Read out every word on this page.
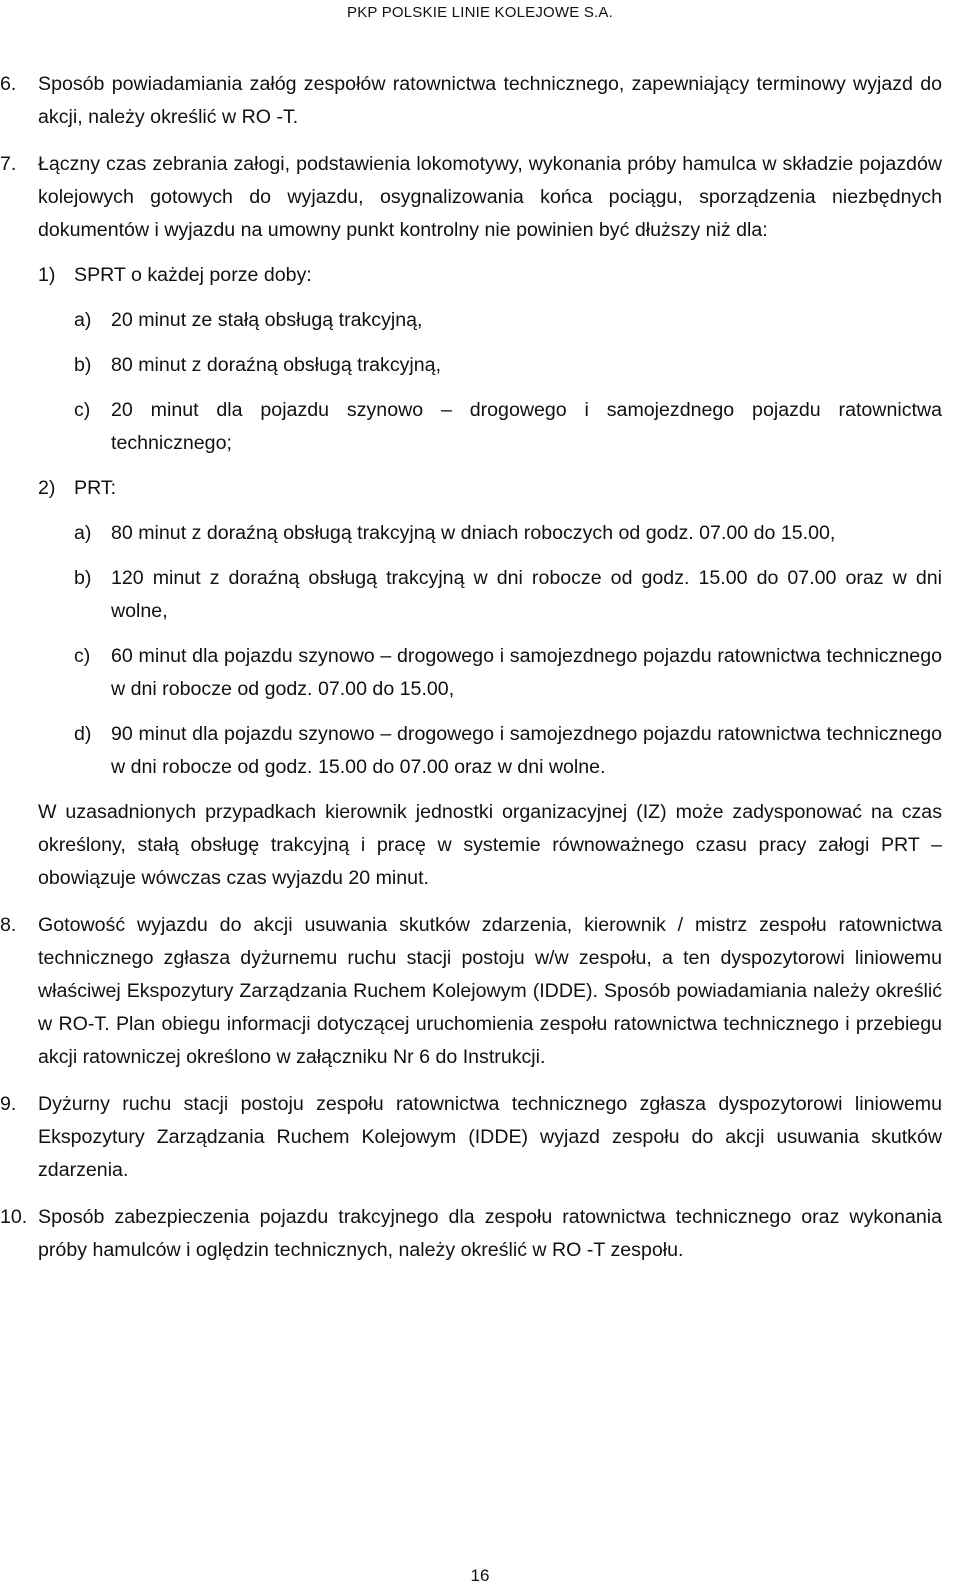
PKP POLSKIE LINIE KOLEJOWE S.A.
6. Sposób powiadamiania załóg zespołów ratownictwa technicznego, zapewniający terminowy wyjazd do akcji, należy określić w RO -T.
7. Łączny czas zebrania załogi, podstawienia lokomotywy, wykonania próby hamulca w składzie pojazdów kolejowych gotowych do wyjazdu, osygnalizowania końca pociągu, sporządzenia niezbędnych dokumentów i wyjazdu na umowny punkt kontrolny nie powinien być dłuższy niż dla:
1) SPRT o każdej porze doby:
a) 20 minut ze stałą obsługą trakcyjną,
b) 80 minut z doraźną obsługą trakcyjną,
c) 20 minut dla pojazdu szynowo – drogowego i samojezdnego pojazdu ratownictwa technicznego;
2) PRT:
a) 80 minut z doraźną obsługą trakcyjną w dniach roboczych od godz. 07.00 do 15.00,
b) 120 minut z doraźną obsługą trakcyjną w dni robocze od godz. 15.00 do 07.00 oraz w dni wolne,
c) 60 minut dla pojazdu szynowo – drogowego i samojezdnego pojazdu ratownictwa technicznego w dni robocze od godz. 07.00 do 15.00,
d) 90 minut dla pojazdu szynowo – drogowego i samojezdnego pojazdu ratownictwa technicznego w dni robocze od godz. 15.00 do 07.00 oraz w dni wolne.
W uzasadnionych przypadkach kierownik jednostki organizacyjnej (IZ) może zadysponować na czas określony, stałą obsługę trakcyjną i pracę w systemie równoważnego czasu pracy załogi PRT – obowiązuje wówczas czas wyjazdu 20 minut.
8. Gotowość wyjazdu do akcji usuwania skutków zdarzenia, kierownik / mistrz zespołu ratownictwa technicznego zgłasza dyżurnemu ruchu stacji postoju w/w zespołu, a ten dyspozytorowi liniowemu właściwej Ekspozytury Zarządzania Ruchem Kolejowym (IDDE). Sposób powiadamiania należy określić w RO-T. Plan obiegu informacji dotyczącej uruchomienia zespołu ratownictwa technicznego i przebiegu akcji ratowniczej określono w załączniku Nr 6 do Instrukcji.
9. Dyżurny ruchu stacji postoju zespołu ratownictwa technicznego zgłasza dyspozytorowi liniowemu Ekspozytury Zarządzania Ruchem Kolejowym (IDDE) wyjazd zespołu do akcji usuwania skutków zdarzenia.
10. Sposób zabezpieczenia pojazdu trakcyjnego dla zespołu ratownictwa technicznego oraz wykonania próby hamulców i oględzin technicznych, należy określić w RO -T zespołu.
16
